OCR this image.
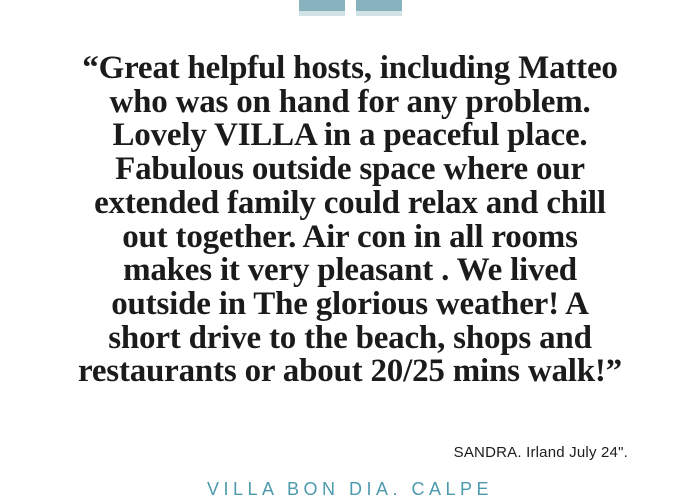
“Great helpful hosts, including Matteo
who was on hand for any problem.
Lovely VILLA in a peaceful place.
Fabulous outside space where our
extended family could relax and chill
out together. Air con in all rooms
makes it very pleasant . We lived
outside in The glorious weather! A
short drive to the beach, shops and
restaurants or about 20/25 mins walk!”
SANDRA. Irland July 24".
VILLA BON DIA. CALPE
